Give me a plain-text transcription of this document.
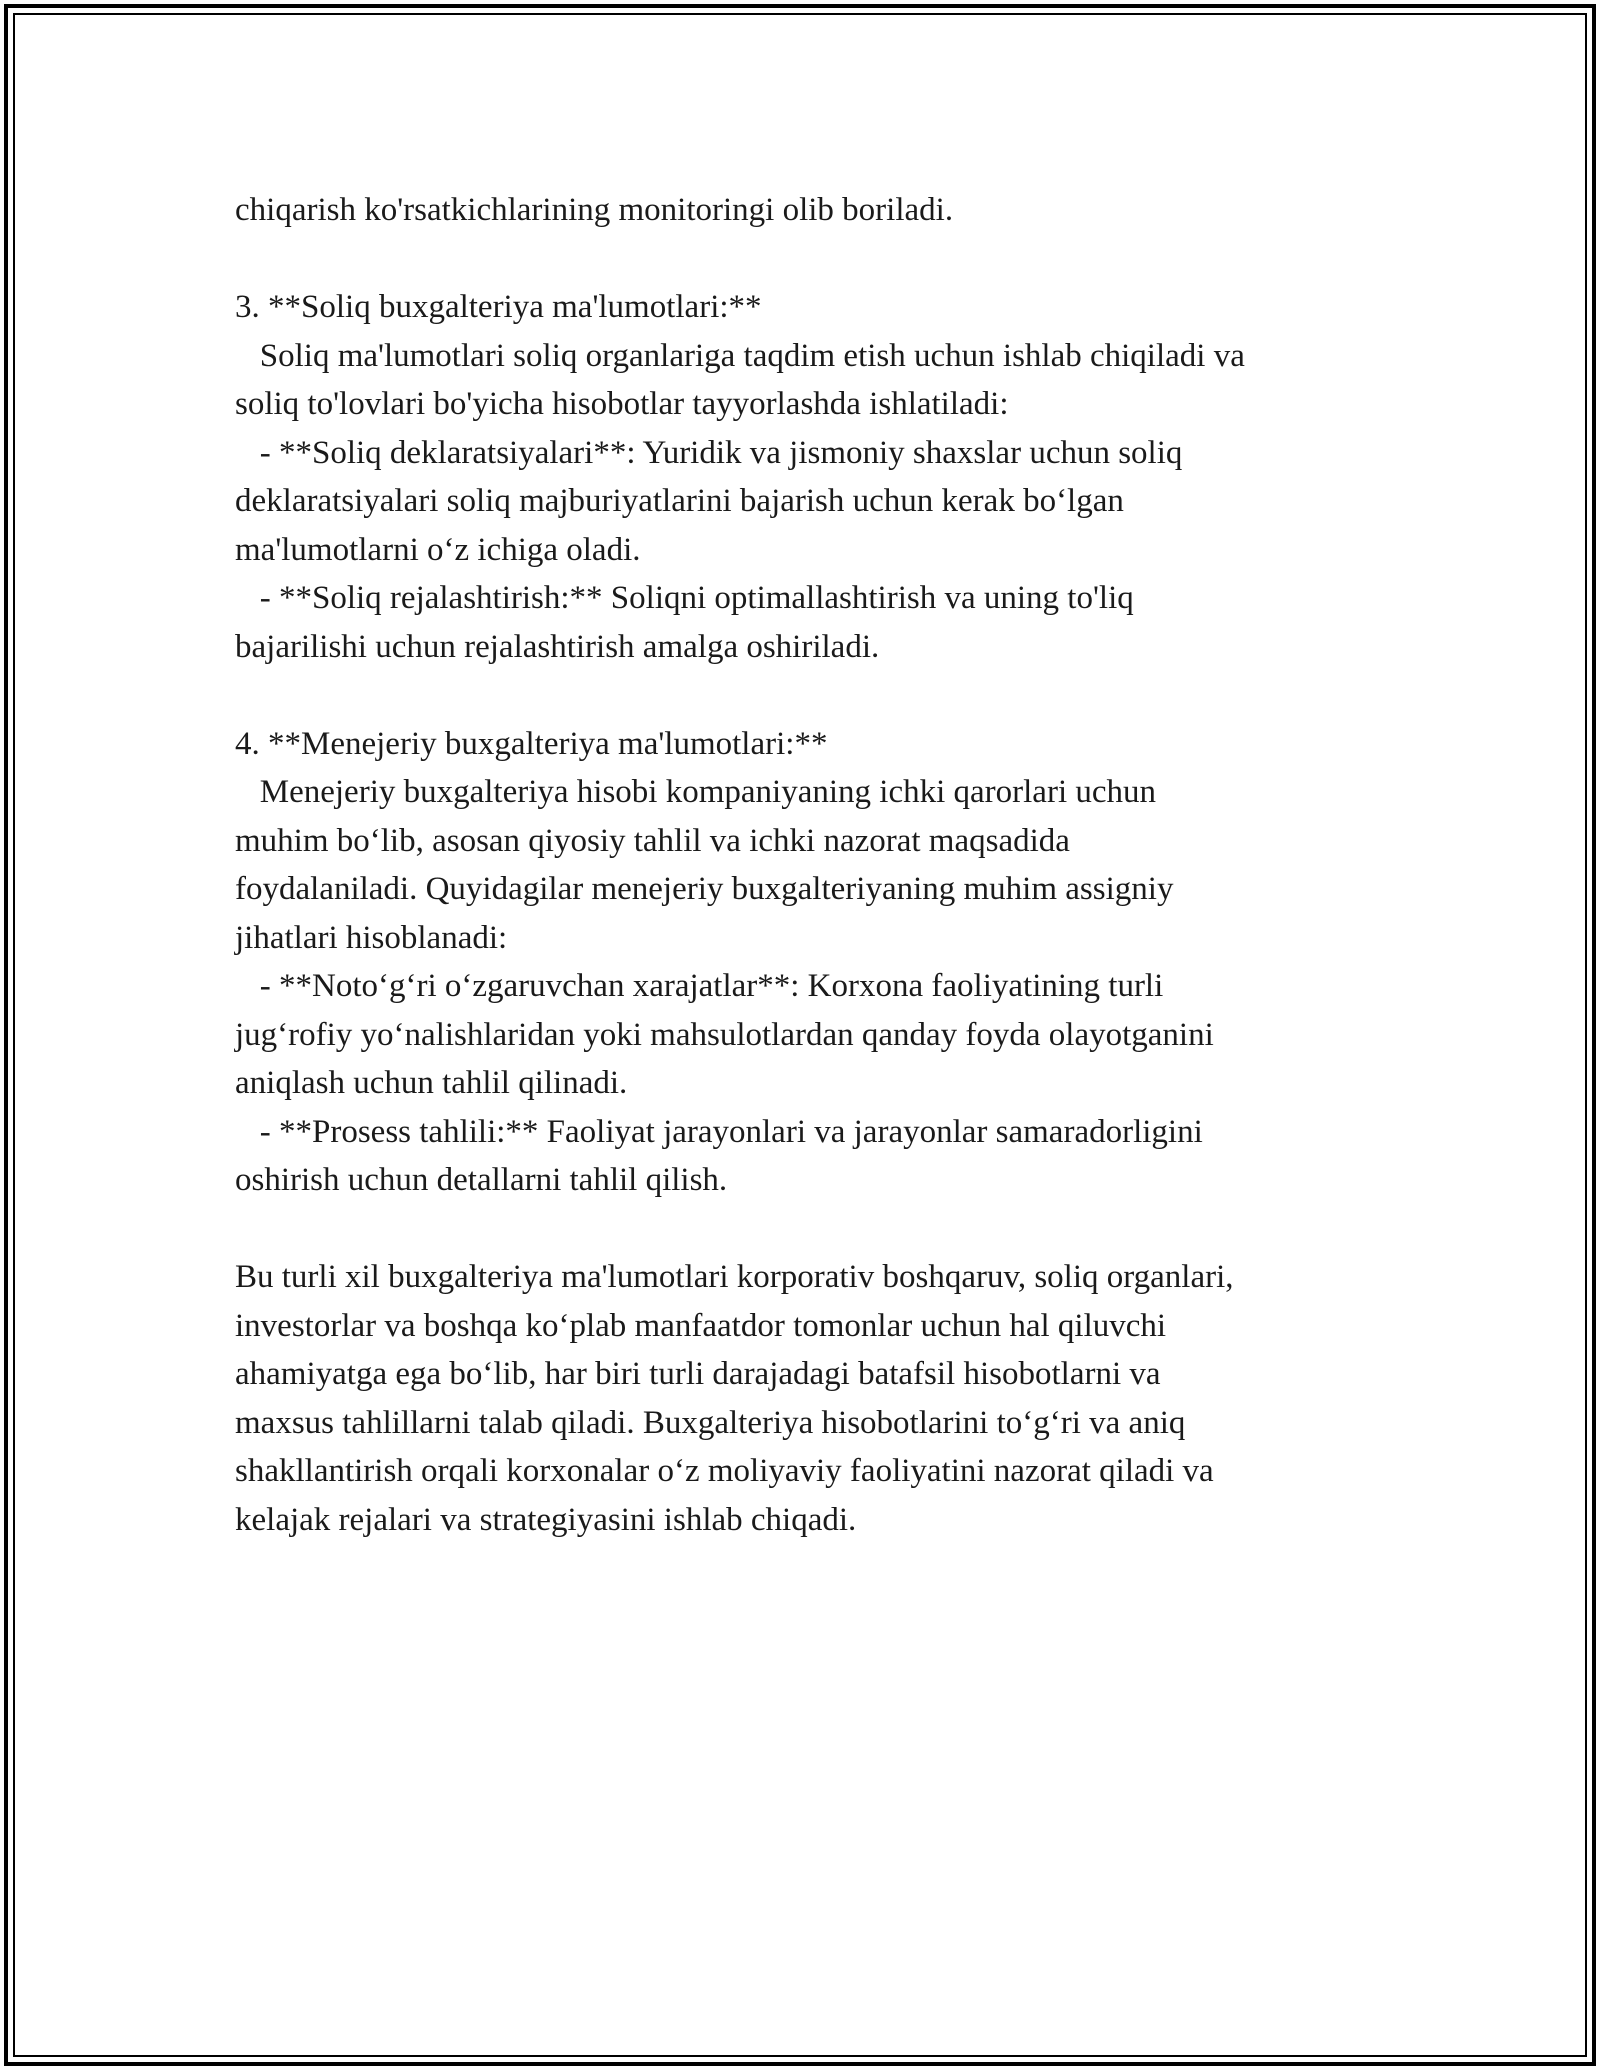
chiqarish ko'rsatkichlarining monitoringi olib boriladi.
3. **Soliq buxgalteriya ma'lumotlari:**
Soliq ma'lumotlari soliq organlariga taqdim etish uchun ishlab chiqiladi va
soliq to'lovlari bo'yicha hisobotlar tayyorlashda ishlatiladi:
- **Soliq deklaratsiyalari**: Yuridik va jismoniy shaxslar uchun soliq
deklaratsiyalari soliq majburiyatlarini bajarish uchun kerak bo‘lgan
ma'lumotlarni o‘z ichiga oladi.
- **Soliq rejalashtirish:** Soliqni optimallashtirish va uning to'liq
bajarilishi uchun rejalashtirish amalga oshiriladi.
4. **Menejeriy buxgalteriya ma'lumotlari:**
Menejeriy buxgalteriya hisobi kompaniyaning ichki qarorlari uchun
muhim bo‘lib, asosan qiyosiy tahlil va ichki nazorat maqsadida
foydalaniladi. Quyidagilar menejeriy buxgalteriyaning muhim assigniy
jihatlari hisoblanadi:
- **Noto‘g‘ri o‘zgaruvchan xarajatlar**: Korxona faoliyatining turli
jug‘rofiy yo‘nalishlaridan yoki mahsulotlardan qanday foyda olayotganini
aniqlash uchun tahlil qilinadi.
- **Prosess tahlili:** Faoliyat jarayonlari va jarayonlar samaradorligini
oshirish uchun detallarni tahlil qilish.
Bu turli xil buxgalteriya ma'lumotlari korporativ boshqaruv, soliq organlari,
investorlar va boshqa ko‘plab manfaatdor tomonlar uchun hal qiluvchi
ahamiyatga ega bo‘lib, har biri turli darajadagi batafsil hisobotlarni va
maxsus tahlillarni talab qiladi. Buxgalteriya hisobotlarini to‘g‘ri va aniq
shakllantirish orqali korxonalar o‘z moliyaviy faoliyatini nazorat qiladi va
kelajak rejalari va strategiyasini ishlab chiqadi.
